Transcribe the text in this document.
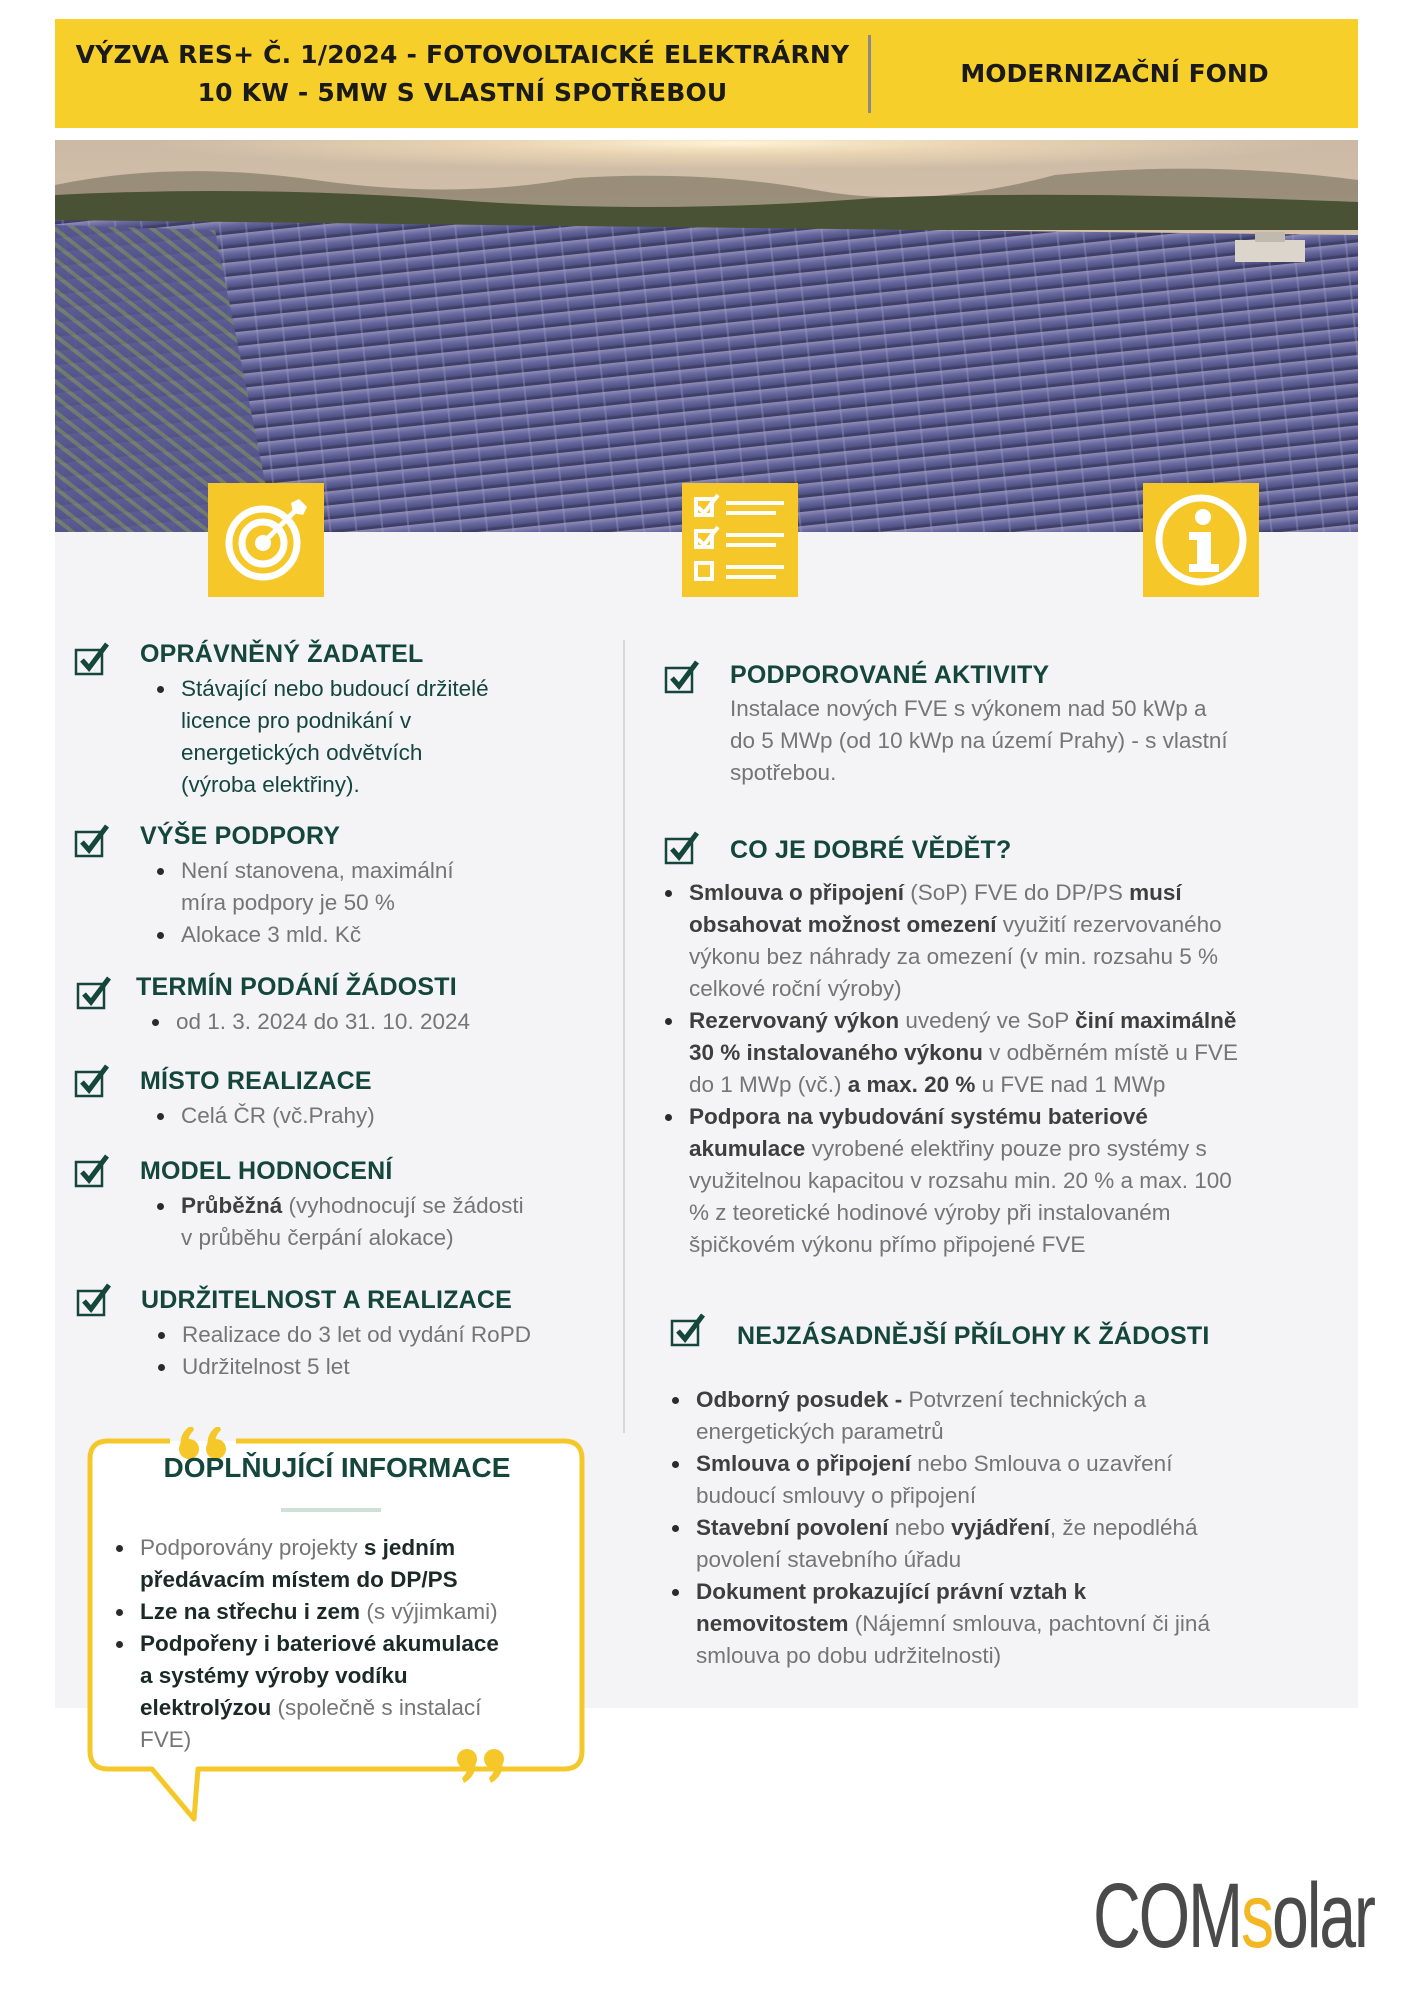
VÝZVA RES+ Č. 1/2024 - FOTOVOLTAICKÉ ELEKTRÁRNY
10 KW - 5MW S VLASTNÍ SPOTŘEBOU
MODERNIZAČNÍ FOND
OPRÁVNĚNÝ ŽADATEL
Stávající nebo budoucí držitelé
licence pro podnikání v
energetických odvětvích
(výroba elektřiny).
VÝŠE PODPORY
Není stanovena, maximální
míra podpory je 50 %
Alokace 3 mld. Kč
TERMÍN PODÁNÍ ŽÁDOSTI
od 1. 3. 2024 do 31. 10. 2024
MÍSTO REALIZACE
Celá ČR (vč.Prahy)
MODEL HODNOCENÍ
Průběžná (vyhodnocují se žádosti
v průběhu čerpání alokace)
UDRŽITELNOST A REALIZACE
Realizace do 3 let od vydání RoPD
Udržitelnost 5 let
PODPOROVANÉ AKTIVITY
Instalace nových FVE s výkonem nad 50 kWp a
do 5 MWp (od 10 kWp na území Prahy) - s vlastní
spotřebou.
CO JE DOBRÉ VĚDĚT?
Smlouva o připojení (SoP) FVE do DP/PS musí
obsahovat možnost omezení využití rezervovaného
výkonu bez náhrady za omezení (v min. rozsahu 5 %
celkové roční výroby)
Rezervovaný výkon uvedený ve SoP činí maximálně
30 % instalovaného výkonu v odběrném místě u FVE
do 1 MWp (vč.) a max. 20 % u FVE nad 1 MWp
Podpora na vybudování systému bateriové
akumulace vyrobené elektřiny pouze pro systémy s
využitelnou kapacitou v rozsahu min. 20 % a max. 100
% z teoretické hodinové výroby při instalovaném
špičkovém výkonu přímo připojené FVE
NEJZÁSADNĚJŠÍ PŘÍLOHY K ŽÁDOSTI
Odborný posudek - Potvrzení technických a
energetických parametrů
Smlouva o připojení nebo Smlouva o uzavření
budoucí smlouvy o připojení
Stavební povolení nebo vyjádření, že nepodléhá
povolení stavebního úřadu
Dokument prokazující právní vztah k
nemovitostem (Nájemní smlouva, pachtovní či jiná
smlouva po dobu udržitelnosti)
DOPLŇUJÍCÍ INFORMACE
Podporovány projekty s jedním
předávacím místem do DP/PS
Lze na střechu i zem (s výjimkami)
Podpořeny i bateriové akumulace
a systémy výroby vodíku
elektrolýzou (společně s instalací
FVE)
COMsolar
